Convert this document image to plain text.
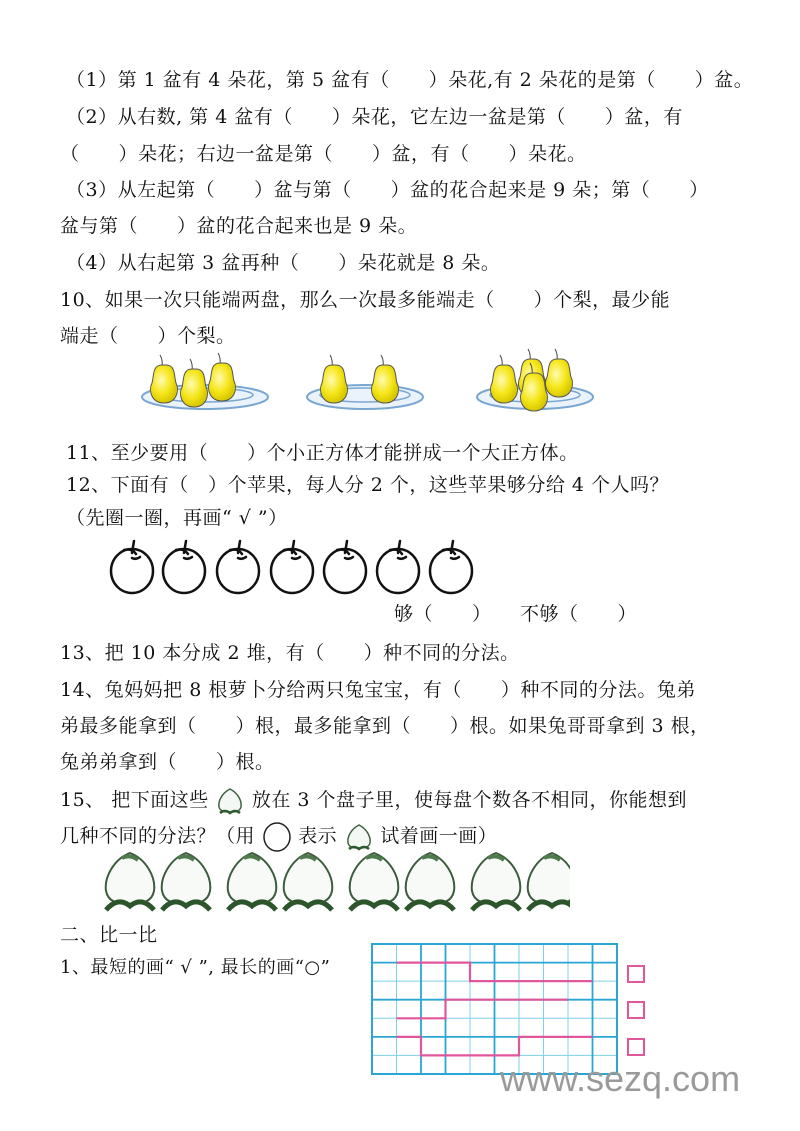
（1）第 1 盆有 4 朵花，第 5 盆有（　　）朵花,有 2 朵花的是第（　　）盆。
（2）从右数, 第 4 盆有（　　）朵花，它左边一盆是第（　　）盆，有
（　　）朵花；右边一盆是第（　　）盆，有（　　）朵花。
（3）从左起第（　　）盆与第（　　）盆的花合起来是 9 朵；第（　　）
盆与第（　　）盆的花合起来也是 9 朵。
（4）从右起第 3 盆再种（　　）朵花就是 8 朵。
10、如果一次只能端两盘，那么一次最多能端走（　　）个梨，最少能
端走（　　）个梨。
11、至少要用（　　）个小正方体才能拼成一个大正方体。
12、下面有（　）个苹果，每人分 2 个，这些苹果够分给 4 个人吗？
（先圈一圈，再画“ √ ”）
够（　　） 不够（　　）
13、把 10 本分成 2 堆，有（　　）种不同的分法。
14、兔妈妈把 8 根萝卜分给两只兔宝宝，有（　　）种不同的分法。兔弟
弟最多能拿到（　　）根，最多能拿到（　　）根。如果兔哥哥拿到 3 根，
兔弟弟拿到（　　）根。
15、 把下面这些 放在 3 个盘子里，使每盘个数各不相同，你能想到
几种不同的分法？（用 表示 试着画一画）
二、比一比
1、最短的画“ √ ”, 最长的画“○”
www.sezq.com
